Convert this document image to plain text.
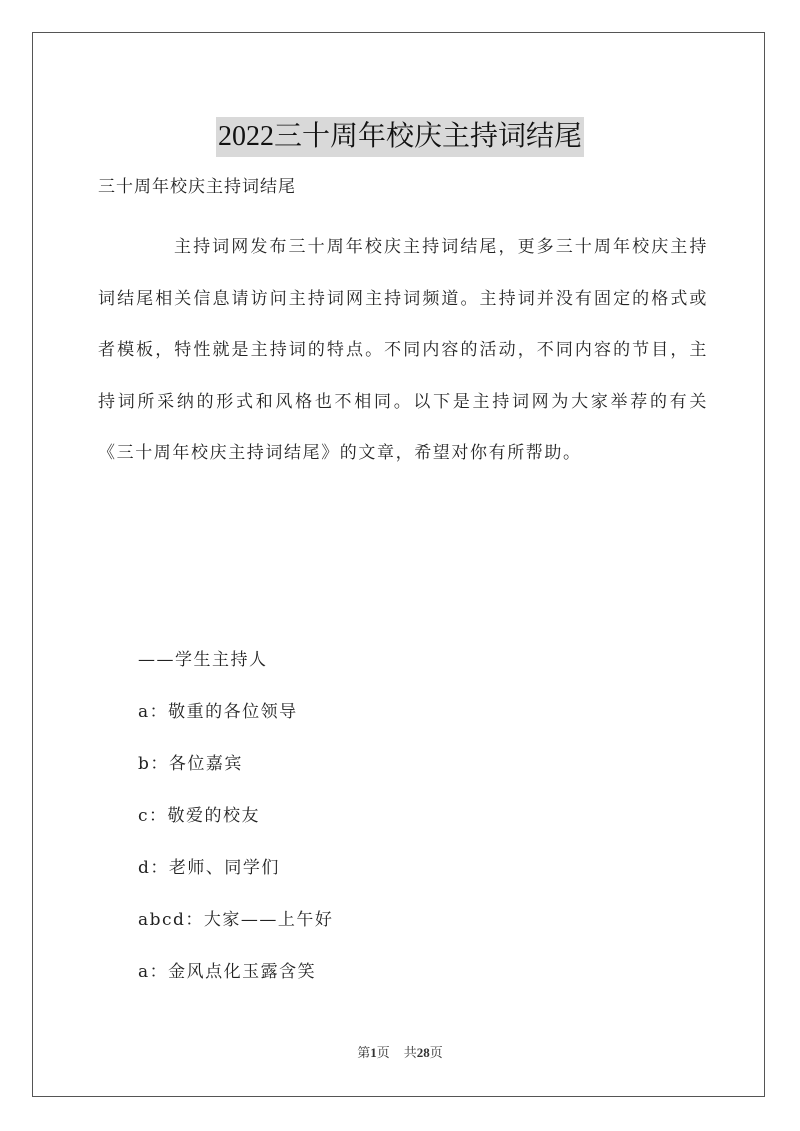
2022三十周年校庆主持词结尾
三十周年校庆主持词结尾

主持词网发布三十周年校庆主持词结尾，更多三十周年校庆主持词结尾相关信息请访问主持词网主持词频道。主持词并没有固定的格式或者模板，特性就是主持词的特点。不同内容的活动，不同内容的节目，主持词所采纳的形式和风格也不相同。以下是主持词网为大家举荐的有关《三十周年校庆主持词结尾》的文章，希望对你有所帮助。

——学生主持人
a：敬重的各位领导
b：各位嘉宾
c：敬爱的校友
d：老师、同学们
abcd：大家——上午好
a：金风点化玉露含笑
第1页 共28页
